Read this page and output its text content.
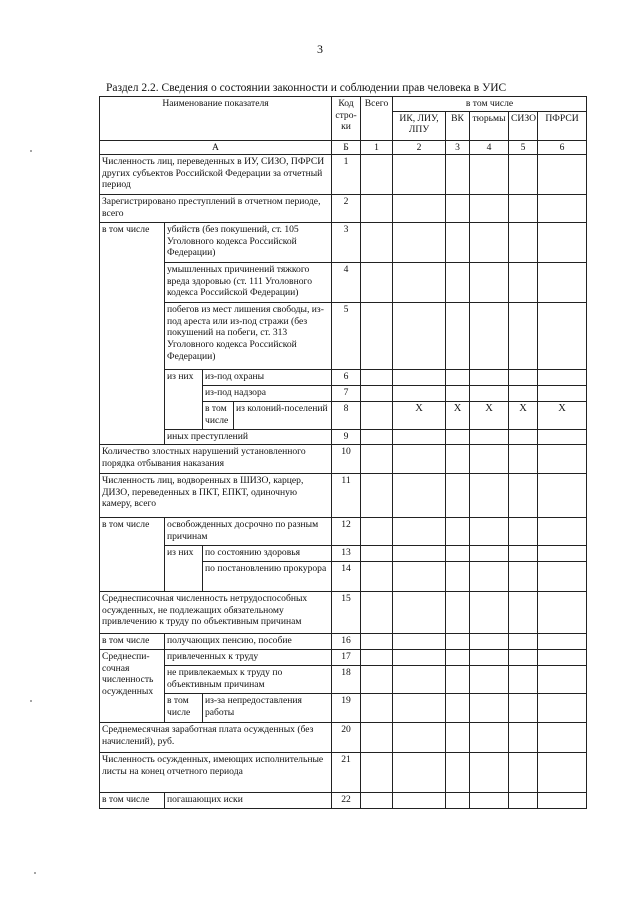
3
Раздел 2.2. Сведения о состоянии законности и соблюдении прав человека в УИС
Наименование показателя				Код стро-ки	Всего	в том числе				
						ИК, ЛИУ, ЛПУ	ВК	тюрьмы	СИЗО	ПФРСИ
А				Б	1	2	3	4	5	6
Численность лиц, переведенных в ИУ, СИЗО, ПФРСИ других субъектов Российской Федерации за отчетный период				1						
Зарегистрировано преступлений в отчетном периоде, всего				2						
в том числе	убийств (без покушений, ст. 105 Уголовного кодекса Российской Федерации)			3						
	умышленных причинений тяжкого вреда здоровью (ст. 111 Уголовного кодекса Российской Федерации)			4						
	побегов из мест лишения свободы, из-под ареста или из-под стражи (без покушений на побеги, ст. 313 Уголовного кодекса Российской Федерации)			5						
	из них	из-под охраны		6						
		из-под надзора		7						
		в том числе	из колоний-поселений	8		X	X	X	X	X
	иных преступлений			9						
Количество злостных нарушений установленного порядка отбывания наказания				10						
Численность лиц, водворенных в ШИЗО, карцер, ДИЗО, переведенных в ПКТ, ЕПКТ, одиночную камеру, всего				11						
в том числе	освобожденных досрочно по разным причинам			12						
	из них	по состоянию здоровья		13						
		по постановлению прокурора		14						
Среднесписочная численность нетрудоспособных осужденных, не подлежащих обязательному привлечению к труду по объективным причинам				15						
в том числе	получающих пенсию, пособие			16						
Среднеспи-сочная численность осужденных	привлеченных к труду			17						
	не привлекаемых к труду по объективным причинам			18						
	в том числе	из-за непредоставления работы		19						
Среднемесячная заработная плата осужденных (без начислений), руб.				20						
Численность осужденных, имеющих исполнительные листы на конец отчетного периода				21						
в том числе	погашающих иски			22						
